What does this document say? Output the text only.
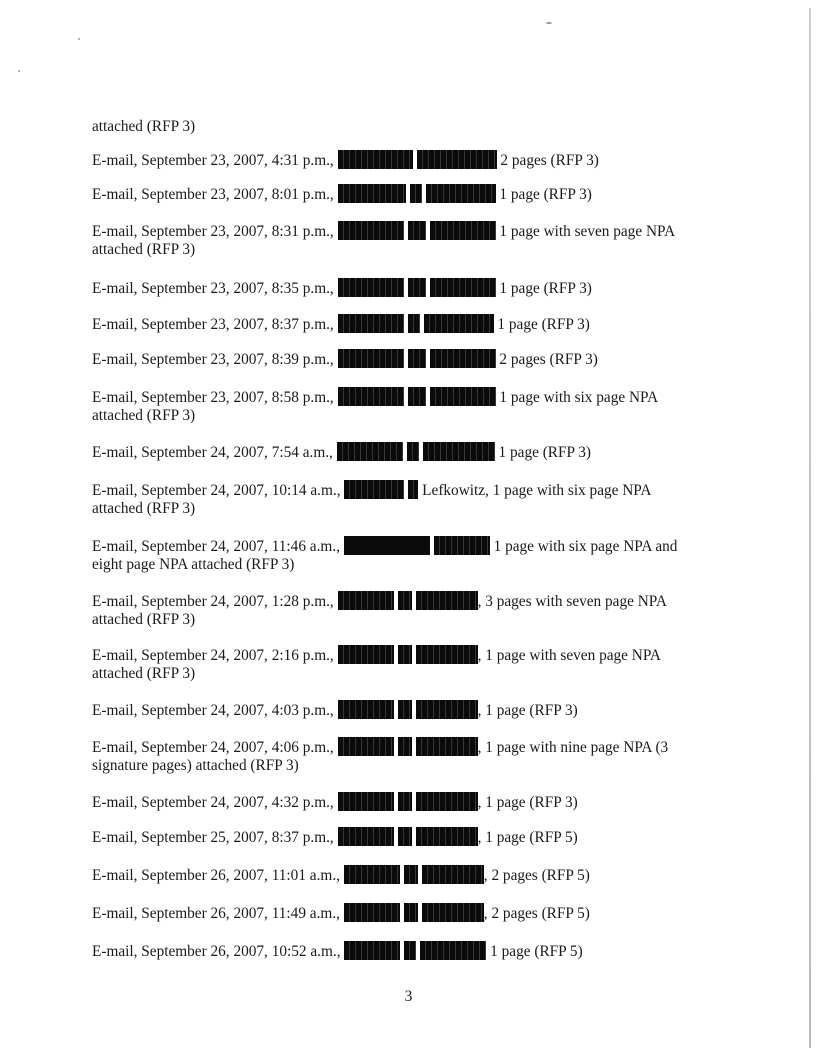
attached (RFP 3)
E-mail, September 23, 2007, 4:31 p.m.,	2 pages (RFP 3)
E-mail, September 23, 2007, 8:01 p.m.,	1 page (RFP 3)
E-mail, September 23, 2007, 8:31 p.m.,	1 page with seven page NPA
attached (RFP 3)
E-mail, September 23, 2007, 8:35 p.m.,	1 page (RFP 3)
E-mail, September 23, 2007, 8:37 p.m.,	1 page (RFP 3)
E-mail, September 23, 2007, 8:39 p.m.,	2 pages (RFP 3)
E-mail, September 23, 2007, 8:58 p.m.,	1 page with six page NPA
attached (RFP 3)
E-mail, September 24, 2007, 7:54 a.m.,	1 page (RFP 3)
E-mail, September 24, 2007, 10:14 a.m.,	Lefkowitz, 1 page with six page NPA
attached (RFP 3)
E-mail, September 24, 2007, 11:46 a.m.,	1 page with six page NPA and
eight page NPA attached (RFP 3)
E-mail, September 24, 2007, 1:28 p.m.,	, 3 pages with seven page NPA
attached (RFP 3)
E-mail, September 24, 2007, 2:16 p.m.,	, 1 page with seven page NPA
attached (RFP 3)
E-mail, September 24, 2007, 4:03 p.m.,	, 1 page (RFP 3)
E-mail, September 24, 2007, 4:06 p.m.,	, 1 page with nine page NPA (3
signature pages) attached (RFP 3)
E-mail, September 24, 2007, 4:32 p.m.,	, 1 page (RFP 3)
E-mail, September 25, 2007, 8:37 p.m.,	, 1 page (RFP 5)
E-mail, September 26, 2007, 11:01 a.m.,	, 2 pages (RFP 5)
E-mail, September 26, 2007, 11:49 a.m.,	, 2 pages (RFP 5)
E-mail, September 26, 2007, 10:52 a.m.,	1 page (RFP 5)
3
